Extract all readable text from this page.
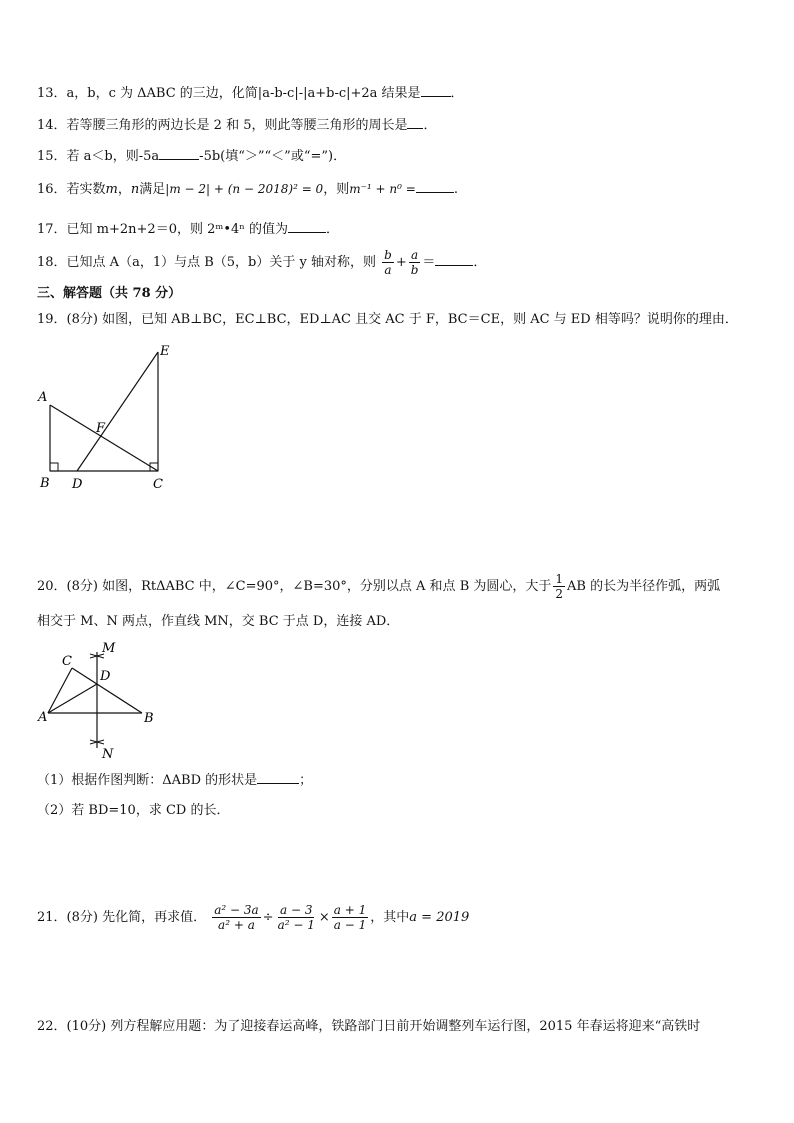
13．a，b，c 为 ΔABC 的三边，化简|a-b-c|-|a+b-c|+2a 结果是 ．
14．若等腰三角形的两边长是 2 和 5，则此等腰三角形的周长是 ．
15．若 a＜b，则-5a	-5b(填“＞”“＜”或“=”)．
16．若实数m，n满足|m − 2| + (n − 2018)² = 0，则m⁻¹ + n⁰ =	.
17．已知 m+2n+2＝0，则 2ᵐ•4ⁿ 的值为	．
18．已知点 A（a，1）与点 B（5，b）关于 y 轴对称，则 $\frac{b}{a} + \frac{a}{b}$ ＝	．
三、解答题（共 78 分）
19．(8分) 如图，已知 AB⊥BC，EC⊥BC，ED⊥AC 且交 AC 于 F，BC＝CE，则 AC 与 ED 相等吗？说明你的理由．
E
A
F
B D	C
20．(8分) 如图，RtΔABC 中，∠C=90°，∠B=30°，分别以点 A 和点 B 为圆心，大于 $\frac{1}{2}$ AB 的长为半径作弧，两弧
相交于 M、N 两点，作直线 MN，交 BC 于点 D，连接 AD．
M
C
D
A	B
N
（1）根据作图判断：ΔABD 的形状是	；
（2）若 BD=10，求 CD 的长．
21．(8分) 先化简，再求值． $\frac{\text{a² − 3a}}{\text{a² + a}} \div \frac{a - 3}{\text{a² − 1}} \times \frac{a + 1}{a - 1}$ ，其中a = 2019
22．(10分) 列方程解应用题：为了迎接春运高峰，铁路部门日前开始调整列车运行图，2015 年春运将迎来“高铁时
